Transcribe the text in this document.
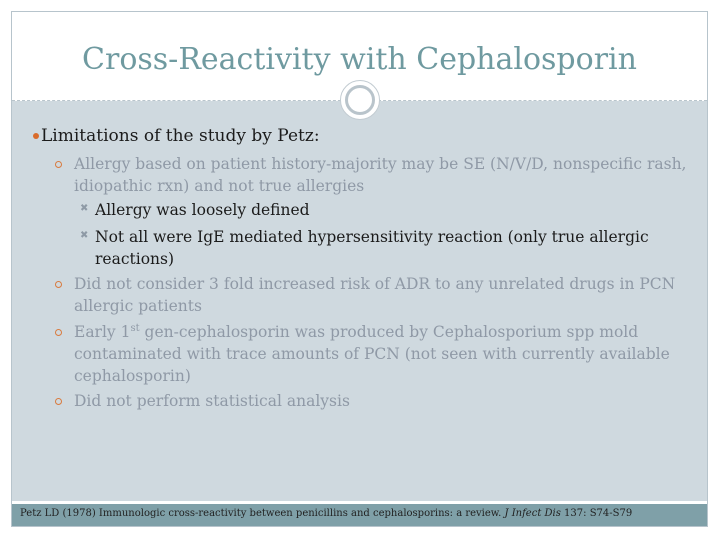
Cross-Reactivity with Cephalosporin
Limitations of the study by Petz:
Allergy based on patient history-majority may be SE (N/V/D, nonspecific rash, idiopathic rxn) and not true allergies
✖ Allergy was loosely defined
✖ Not all were IgE mediated hypersensitivity reaction (only true allergic reactions)
Did not consider 3 fold increased risk of ADR to any unrelated drugs in PCN allergic patients
Early 1st gen-cephalosporin was produced by Cephalosporium spp mold contaminated with trace amounts of PCN (not seen with currently available cephalosporin)
Did not perform statistical analysis
Petz LD (1978) Immunologic cross-reactivity between penicillins and cephalosporins: a review. J Infect Dis 137: S74-S79
